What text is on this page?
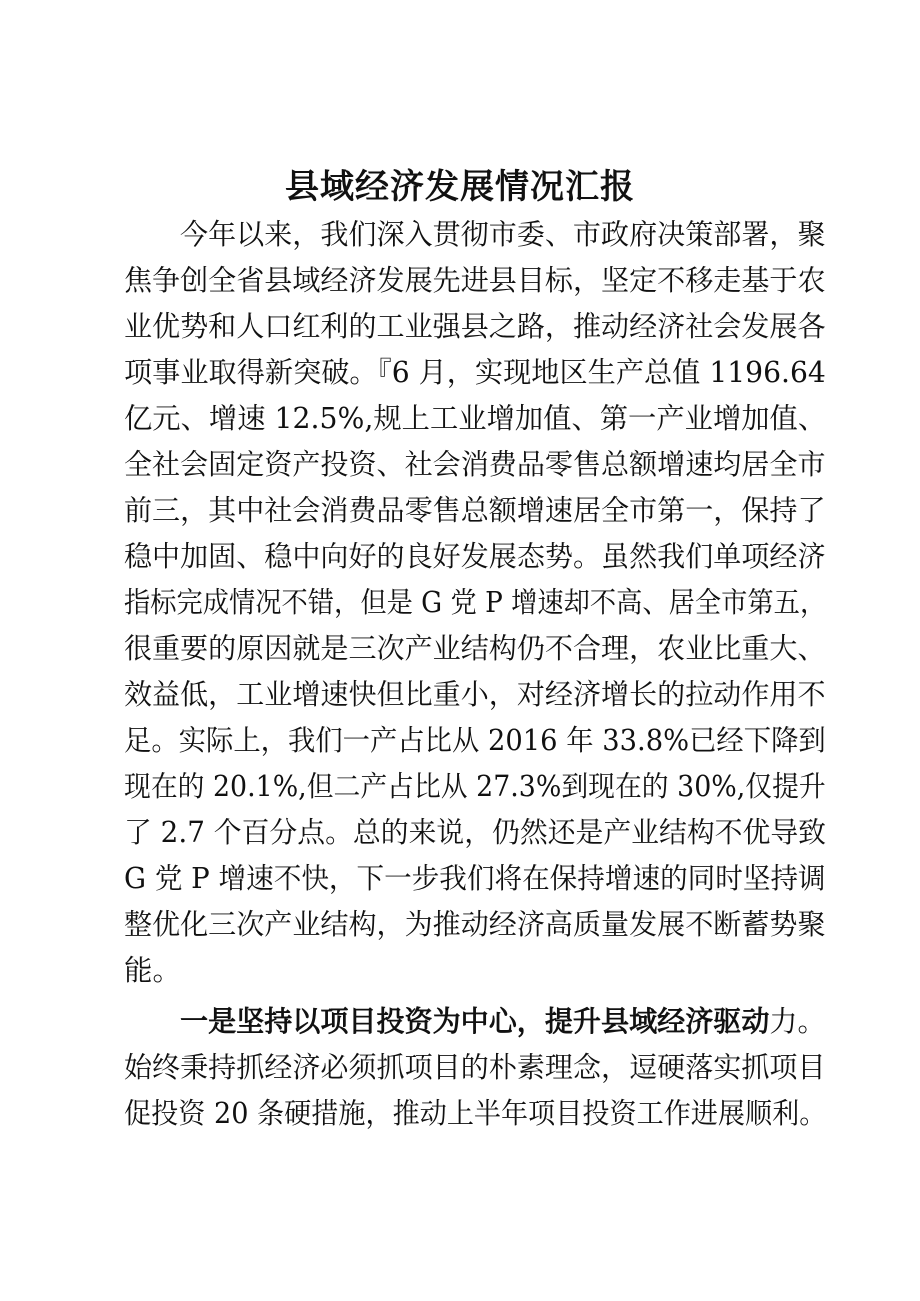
县域经济发展情况汇报

今年以来，我们深入贯彻市委、市政府决策部署，聚

焦争创全省县域经济发展先进县目标，坚定不移走基于农

业优势和人口红利的工业强县之路，推动经济社会发展各

项事业取得新突破。『6 月，实现地区生产总值 1196.64

亿元、增速 12.5%,规上工业增加值、第一产业增加值、

全社会固定资产投资、社会消费品零售总额增速均居全市

前三，其中社会消费品零售总额增速居全市第一，保持了

稳中加固、稳中向好的良好发展态势。虽然我们单项经济

指标完成情况不错，但是 G 党 P 增速却不高、居全市第五，

很重要的原因就是三次产业结构仍不合理，农业比重大、

效益低，工业增速快但比重小，对经济增长的拉动作用不

足。实际上，我们一产占比从 2016 年 33.8%已经下降到

现在的 20.1%,但二产占比从 27.3%到现在的 30%,仅提升

了 2.7 个百分点。总的来说，仍然还是产业结构不优导致

G 党 P 增速不快，下一步我们将在保持增速的同时坚持调

整优化三次产业结构，为推动经济高质量发展不断蓄势聚

能。

一是坚持以项目投资为中心，提升县域经济驱动力。

始终秉持抓经济必须抓项目的朴素理念，逗硬落实抓项目

促投资 20 条硬措施，推动上半年项目投资工作进展顺利。
